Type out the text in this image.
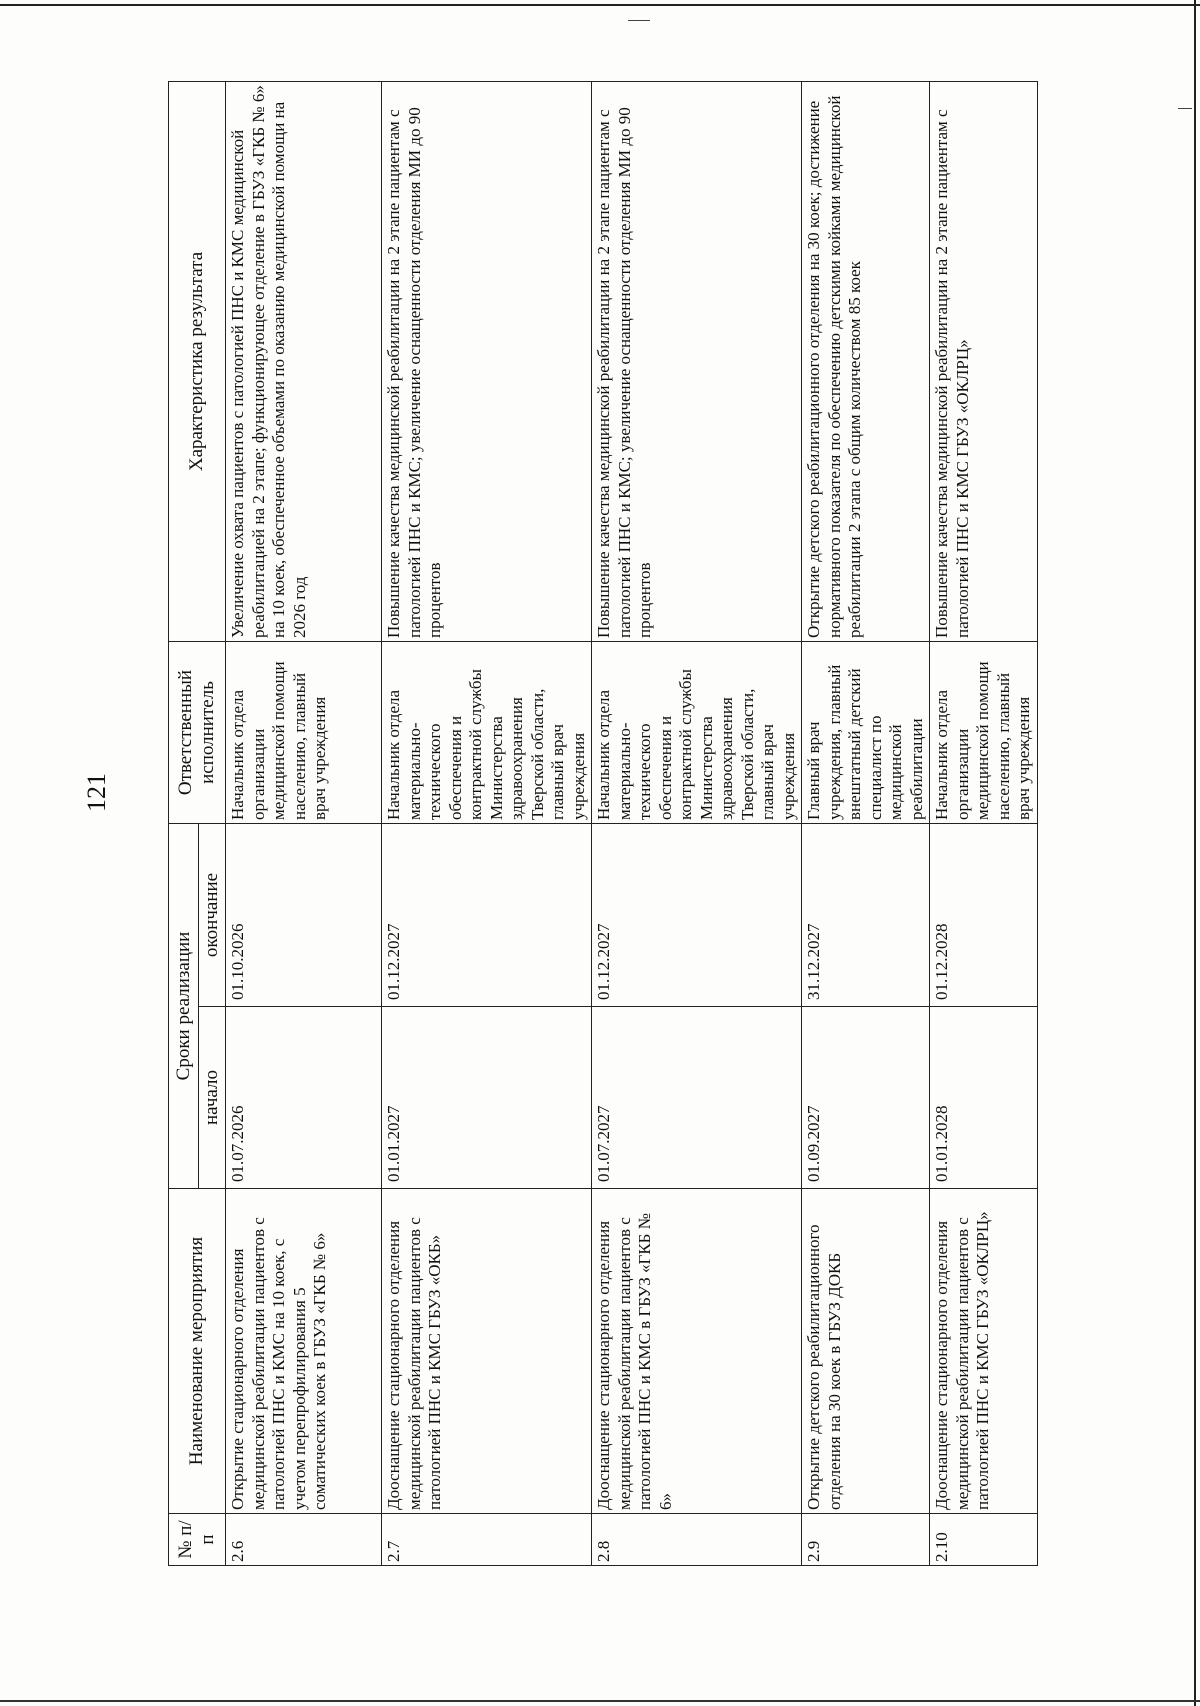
121
№ п/п	Наименование мероприятия	Сроки реализации		Ответственный исполнитель	Характеристика результата
		начало	окончание		
2.6	Открытие стационарного отделения медицинской реабилитации пациентов с патологией ПНС и КМС на 10 коек, с учетом перепрофилирования 5 соматических коек в ГБУЗ «ГКБ № 6»	01.07.2026	01.10.2026	Начальник отдела организации медицинской помощи населению, главный врач учреждения	Увеличение охвата пациентов с патологией ПНС и КМС медицинской реабилитацией на 2 этапе; функционирующее отделение в ГБУЗ «ГКБ № 6» на 10 коек, обеспеченное объемами по оказанию медицинской помощи на 2026 год
2.7	Дооснащение стационарного отделения медицинской реабилитации пациентов с патологией ПНС и КМС ГБУЗ «ОКБ»	01.01.2027	01.12.2027	Начальник отдела материально-технического обеспечения и контрактной службы Министерства здравоохранения Тверской области, главный врач учреждения	Повышение качества медицинской реабилитации на 2 этапе пациентам с патологией ПНС и КМС; увеличение оснащенности отделения МИ до 90 процентов
2.8	Дооснащение стационарного отделения медицинской реабилитации пациентов с патологией ПНС и КМС в ГБУЗ «ГКБ № 6»	01.07.2027	01.12.2027	Начальник отдела материально-технического обеспечения и контрактной службы Министерства здравоохранения Тверской области, главный врач учреждения	Повышение качества медицинской реабилитации на 2 этапе пациентам с патологией ПНС и КМС; увеличение оснащенности отделения МИ до 90 процентов
2.9	Открытие детского реабилитационного отделения на 30 коек в ГБУЗ ДОКБ	01.09.2027	31.12.2027	Главный врач учреждения, главный внештатный детский специалист по медицинской реабилитации	Открытие детского реабилитационного отделения на 30 коек; достижение нормативного показателя по обеспечению детскими койками медицинской реабилитации 2 этапа с общим количеством 85 коек
2.10	Дооснащение стационарного отделения медицинской реабилитации пациентов с патологией ПНС и КМС ГБУЗ «ОКЛРЦ»	01.01.2028	01.12.2028	Начальник отдела организации медицинской помощи населению, главный врач учреждения	Повышение качества медицинской реабилитации на 2 этапе пациентам с патологией ПНС и КМС ГБУЗ «ОКЛРЦ»
